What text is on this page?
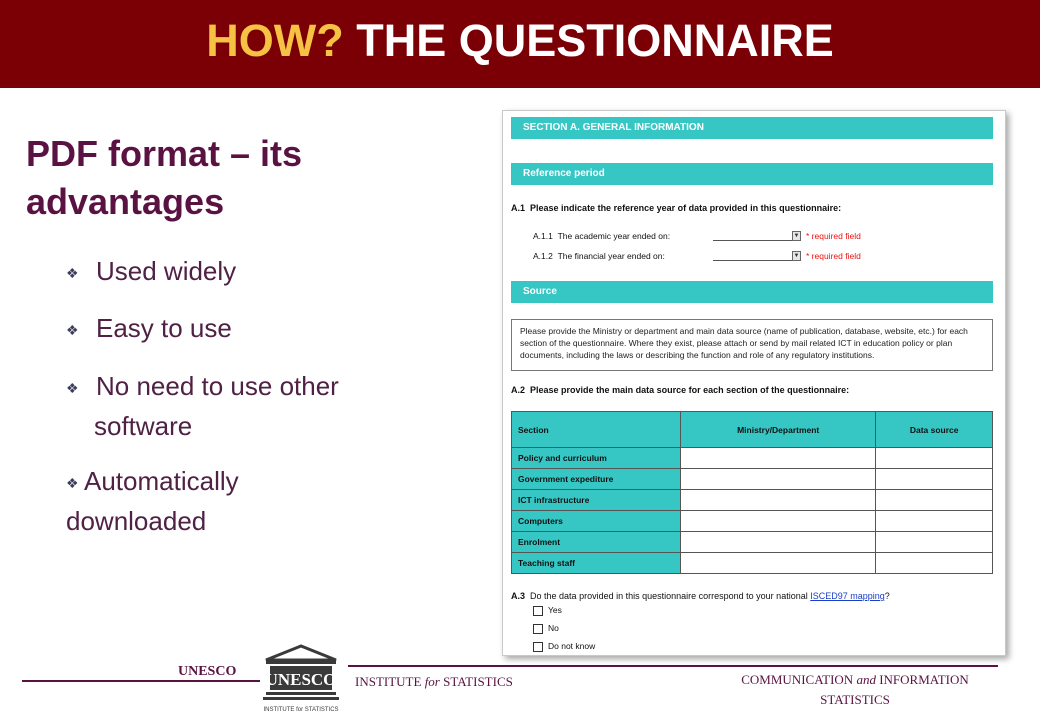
HOW? THE QUESTIONNAIRE
PDF format – its advantages
❖ Used widely
❖ Easy to use
❖ No need to use other
software
❖ Automatically downloaded
SECTION A. GENERAL INFORMATION
Reference period
A.1 Please indicate the reference year of data provided in this questionnaire:
A.1.1 The academic year ended on:	▼ * required field
A.1.2 The financial year ended on:	▼ * required field
Source
Please provide the Ministry or department and main data source (name of publication, database, website, etc.) for each section of the questionnaire. Where they exist, please attach or send by mail related ICT in education policy or plan documents, including the laws or describing the function and role of any regulatory institutions.
A.2 Please provide the main data source for each section of the questionnaire:
Section	Ministry/Department	Data source
Policy and curriculum		
Government expediture		
ICT infrastructure		
Computers		
Enrolment		
Teaching staff		
A.3 Do the data provided in this questionnaire correspond to your national ISCED97 mapping?
Yes
No
Do not know
UNESCO UNESCO
INSTITUTE for STATISTICS
INSTITUTE for STATISTICS	COMMUNICATION and INFORMATION
STATISTICS
